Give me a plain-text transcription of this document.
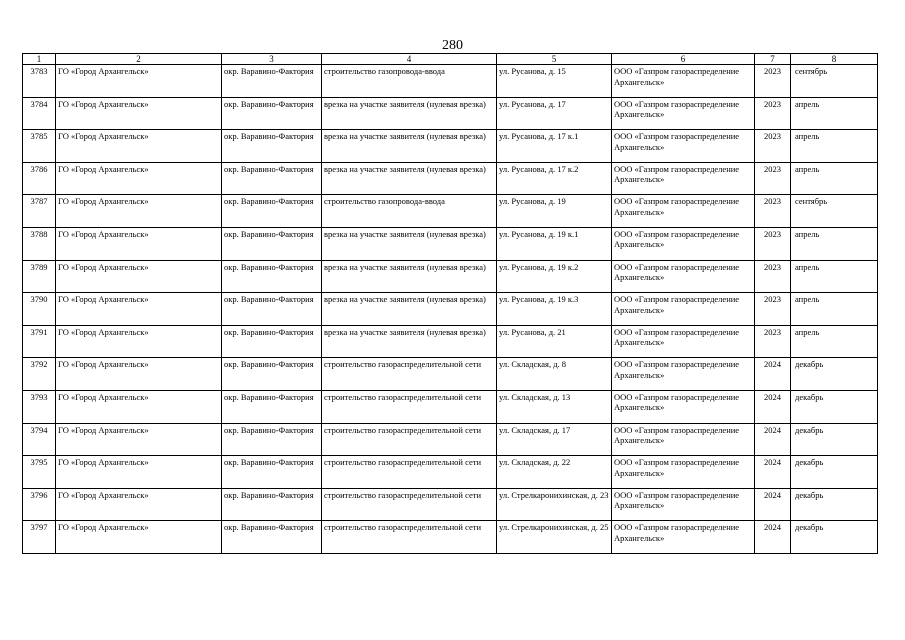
280
1	2	3	4	5	6	7	8
3783	ГО «Город Архангельск»	окр. Варавино-Фактория	строительство газопровода-ввода	ул. Русанова, д. 15	ООО «Газпром газораспределение Архангельск»	2023	сентябрь
3784	ГО «Город Архангельск»	окр. Варавино-Фактория	врезка на участке заявителя (нулевая врезка)	ул. Русанова, д. 17	ООО «Газпром газораспределение Архангельск»	2023	апрель
3785	ГО «Город Архангельск»	окр. Варавино-Фактория	врезка на участке заявителя (нулевая врезка)	ул. Русанова, д. 17 к.1	ООО «Газпром газораспределение Архангельск»	2023	апрель
3786	ГО «Город Архангельск»	окр. Варавино-Фактория	врезка на участке заявителя (нулевая врезка)	ул. Русанова, д. 17 к.2	ООО «Газпром газораспределение Архангельск»	2023	апрель
3787	ГО «Город Архангельск»	окр. Варавино-Фактория	строительство газопровода-ввода	ул. Русанова, д. 19	ООО «Газпром газораспределение Архангельск»	2023	сентябрь
3788	ГО «Город Архангельск»	окр. Варавино-Фактория	врезка на участке заявителя (нулевая врезка)	ул. Русанова, д. 19 к.1	ООО «Газпром газораспределение Архангельск»	2023	апрель
3789	ГО «Город Архангельск»	окр. Варавино-Фактория	врезка на участке заявителя (нулевая врезка)	ул. Русанова, д. 19 к.2	ООО «Газпром газораспределение Архангельск»	2023	апрель
3790	ГО «Город Архангельск»	окр. Варавино-Фактория	врезка на участке заявителя (нулевая врезка)	ул. Русанова, д. 19 к.3	ООО «Газпром газораспределение Архангельск»	2023	апрель
3791	ГО «Город Архангельск»	окр. Варавино-Фактория	врезка на участке заявителя (нулевая врезка)	ул. Русанова, д. 21	ООО «Газпром газораспределение Архангельск»	2023	апрель
3792	ГО «Город Архангельск»	окр. Варавино-Фактория	строительство газораспределительной сети	ул. Складская, д. 8	ООО «Газпром газораспределение Архангельск»	2024	декабрь
3793	ГО «Город Архангельск»	окр. Варавино-Фактория	строительство газораспределительной сети	ул. Складская, д. 13	ООО «Газпром газораспределение Архангельск»	2024	декабрь
3794	ГО «Город Архангельск»	окр. Варавино-Фактория	строительство газораспределительной сети	ул. Складская, д. 17	ООО «Газпром газораспределение Архангельск»	2024	декабрь
3795	ГО «Город Архангельск»	окр. Варавино-Фактория	строительство газораспределительной сети	ул. Складская, д. 22	ООО «Газпром газораспределение Архангельск»	2024	декабрь
3796	ГО «Город Архангельск»	окр. Варавино-Фактория	строительство газораспределительной сети	ул. Стрелкаронихинская, д. 23	ООО «Газпром газораспределение Архангельск»	2024	декабрь
3797	ГО «Город Архангельск»	окр. Варавино-Фактория	строительство газораспределительной сети	ул. Стрелкаронихинская, д. 25	ООО «Газпром газораспределение Архангельск»	2024	декабрь
